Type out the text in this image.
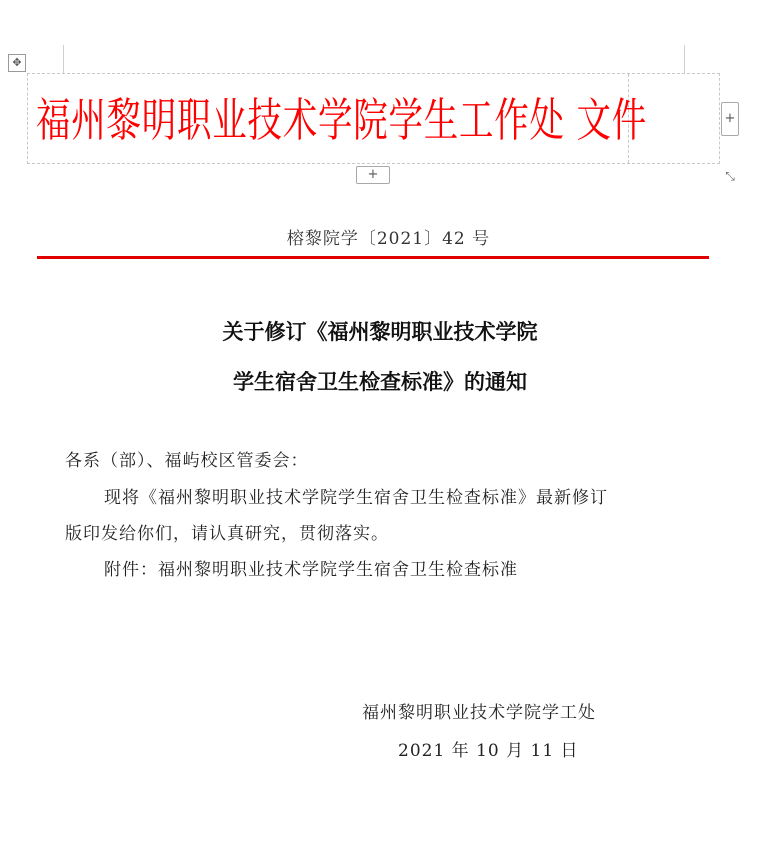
✥
福州黎明职业技术学院学生工作处 文件	+
+	⤡
榕黎院学〔2021〕42 号
关于修订《福州黎明职业技术学院
学生宿舍卫生检查标准》的通知
各系（部）、福屿校区管委会：
现将《福州黎明职业技术学院学生宿舍卫生检查标准》最新修订
版印发给你们，请认真研究，贯彻落实。
附件：福州黎明职业技术学院学生宿舍卫生检查标准
福州黎明职业技术学院学工处
2021 年 10 月 11 日
